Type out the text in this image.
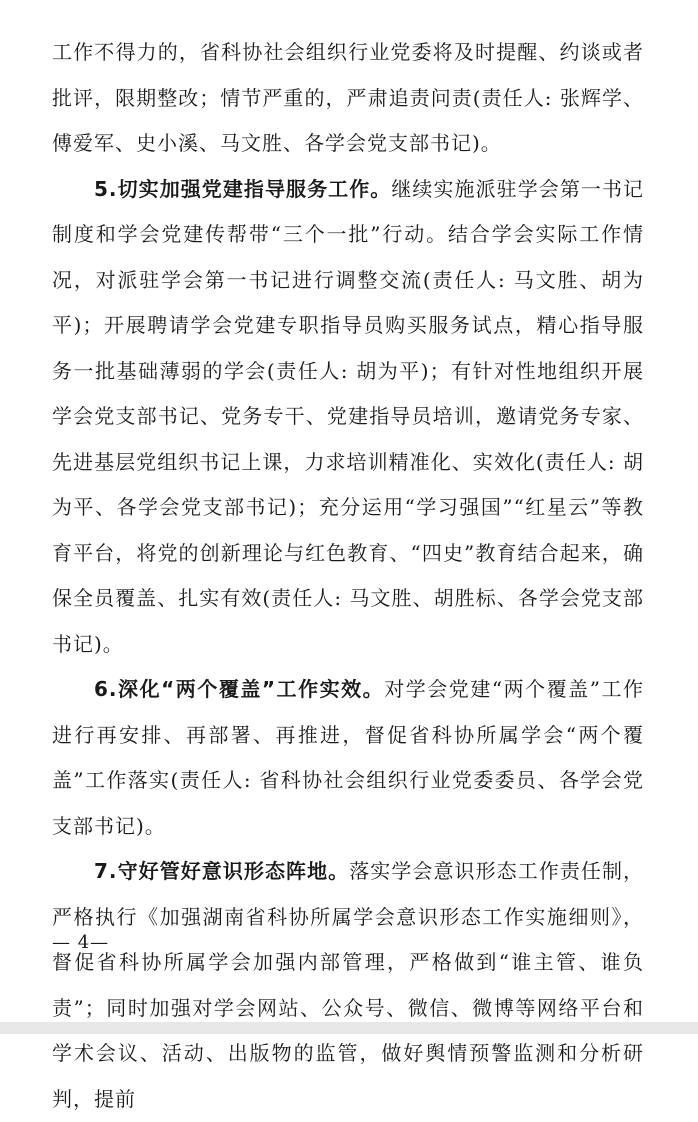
工作不得力的，省科协社会组织行业党委将及时提醒、约谈或者批评，限期整改；情节严重的，严肃追责问责(责任人: 张辉学、傅爱军、史小溪、马文胜、各学会党支部书记)。

5.切实加强党建指导服务工作。继续实施派驻学会第一书记制度和学会党建传帮带“三个一批”行动。结合学会实际工作情况，对派驻学会第一书记进行调整交流(责任人: 马文胜、胡为平)；开展聘请学会党建专职指导员购买服务试点，精心指导服务一批基础薄弱的学会(责任人: 胡为平)；有针对性地组织开展学会党支部书记、党务专干、党建指导员培训，邀请党务专家、先进基层党组织书记上课，力求培训精准化、实效化(责任人: 胡为平、各学会党支部书记)；充分运用“学习强国”“红星云”等教育平台，将党的创新理论与红色教育、“四史”教育结合起来，确保全员覆盖、扎实有效(责任人: 马文胜、胡胜标、各学会党支部书记)。

6.深化“两个覆盖”工作实效。对学会党建“两个覆盖”工作进行再安排、再部署、再推进，督促省科协所属学会“两个覆盖”工作落实(责任人: 省科协社会组织行业党委委员、各学会党支部书记)。

7.守好管好意识形态阵地。落实学会意识形态工作责任制，严格执行《加强湖南省科协所属学会意识形态工作实施细则》，督促省科协所属学会加强内部管理，严格做到“谁主管、谁负责”；同时加强对学会网站、公众号、微信、微博等网络平台和学术会议、活动、出版物的监管，做好舆情预警监测和分析研判，提前

— 4—
